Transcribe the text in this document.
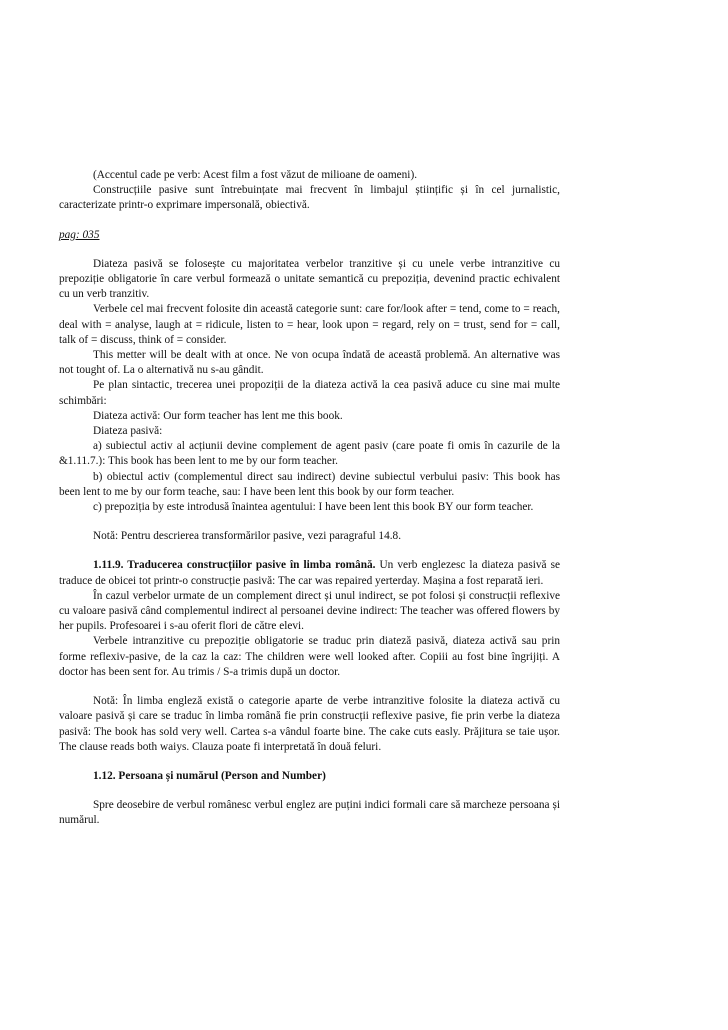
(Accentul cade pe verb: Acest film a fost văzut de milioane de oameni).

Construcțiile pasive sunt întrebuințate mai frecvent în limbajul științific și în cel jurnalistic, caracterizate printr-o exprimare impersonală, obiectivă.

pag: 035

Diateza pasivă se folosește cu majoritatea verbelor tranzitive și cu unele verbe intranzitive cu prepoziție obligatorie în care verbul formează o unitate semantică cu prepoziția, devenind practic echivalent cu un verb tranzitiv.

Verbele cel mai frecvent folosite din această categorie sunt: care for/look after = tend, come to = reach, deal with = analyse, laugh at = ridicule, listen to = hear, look upon = regard, rely on = trust, send for = call, talk of = discuss, think of = consider.

This metter will be dealt with at once. Ne von ocupa îndată de această problemă. An alternative was not tought of. La o alternativă nu s-au gândit.

Pe plan sintactic, trecerea unei propoziții de la diateza activă la cea pasivă aduce cu sine mai multe schimbări:

Diateza activă: Our form teacher has lent me this book.

Diateza pasivă:

a) subiectul activ al acțiunii devine complement de agent pasiv (care poate fi omis în cazurile de la &1.11.7.): This book has been lent to me by our form teacher.

b) obiectul activ (complementul direct sau indirect) devine subiectul verbului pasiv: This book has been lent to me by our form teache, sau: I have been lent this book by our form teacher.

c) prepoziția by este introdusă înaintea agentului: I have been lent this book BY our form teacher.

Notă: Pentru descrierea transformărilor pasive, vezi paragraful 14.8.

1.11.9. Traducerea construcțiilor pasive în limba română. Un verb englezesc la diateza pasivă se traduce de obicei tot printr-o construcție pasivă: The car was repaired yerterday. Mașina a fost reparată ieri.

În cazul verbelor urmate de un complement direct și unul indirect, se pot folosi și construcții reflexive cu valoare pasivă când complementul indirect al persoanei devine indirect: The teacher was offered flowers by her pupils. Profesoarei i s-au oferit flori de către elevi.

Verbele intranzitive cu prepoziție obligatorie se traduc prin diateză pasivă, diateza activă sau prin forme reflexiv-pasive, de la caz la caz: The children were well looked after. Copiii au fost bine îngrijiți. A doctor has been sent for. Au trimis / S-a trimis după un doctor.

Notă: În limba engleză există o categorie aparte de verbe intranzitive folosite la diateza activă cu valoare pasivă și care se traduc în limba română fie prin construcții reflexive pasive, fie prin verbe la diateza pasivă: The book has sold very well. Cartea s-a vândul foarte bine. The cake cuts easly. Prăjitura se taie ușor. The clause reads both waiys. Clauza poate fi interpretată în două feluri.

1.12. Persoana și numărul (Person and Number)

Spre deosebire de verbul românesc verbul englez are puțini indici formali care să marcheze persoana și numărul.
